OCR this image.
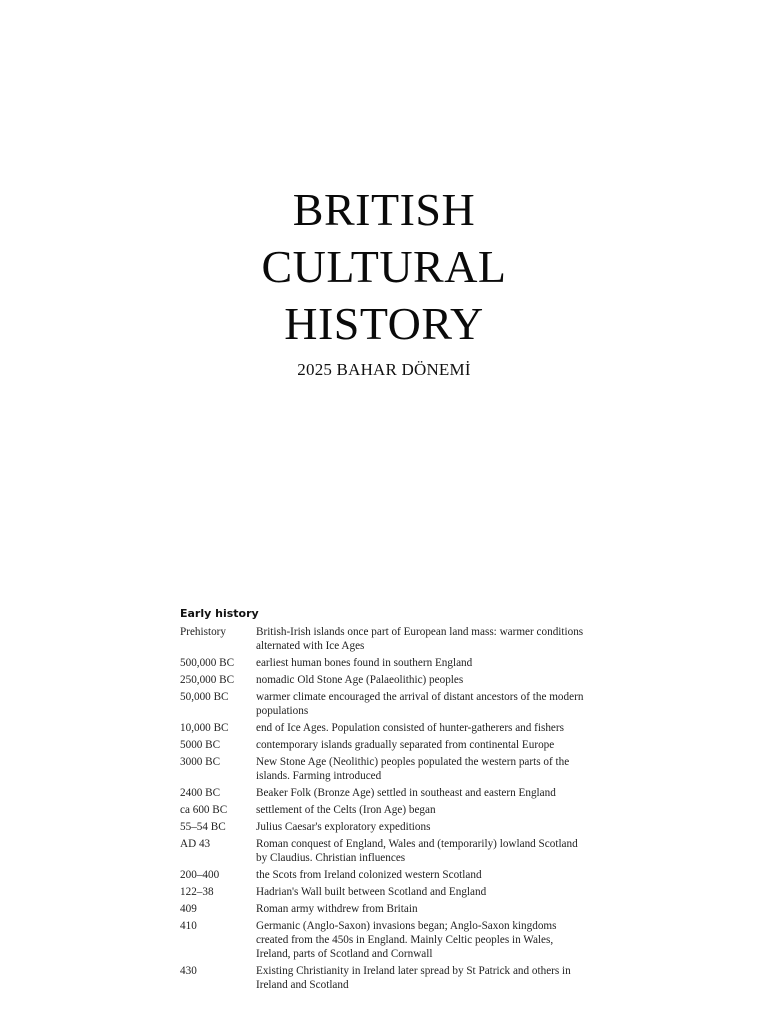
BRITISH
CULTURAL
HISTORY

2025 BAHAR DÖNEMİ

Early history
Prehistory	British-Irish islands once part of European land mass: warmer conditions alternated with Ice Ages
500,000 BC	earliest human bones found in southern England
250,000 BC	nomadic Old Stone Age (Palaeolithic) peoples
50,000 BC	warmer climate encouraged the arrival of distant ancestors of the modern populations
10,000 BC	end of Ice Ages. Population consisted of hunter-gatherers and fishers
5000 BC	contemporary islands gradually separated from continental Europe
3000 BC	New Stone Age (Neolithic) peoples populated the western parts of the islands. Farming introduced
2400 BC	Beaker Folk (Bronze Age) settled in southeast and eastern England
ca 600 BC	settlement of the Celts (Iron Age) began
55–54 BC	Julius Caesar's exploratory expeditions
AD 43	Roman conquest of England, Wales and (temporarily) lowland Scotland by Claudius. Christian influences
200–400	the Scots from Ireland colonized western Scotland
122–38	Hadrian's Wall built between Scotland and England
409	Roman army withdrew from Britain
410	Germanic (Anglo-Saxon) invasions began; Anglo-Saxon kingdoms created from the 450s in England. Mainly Celtic peoples in Wales, Ireland, parts of Scotland and Cornwall
430	Existing Christianity in Ireland later spread by St Patrick and others in Ireland and Scotland
